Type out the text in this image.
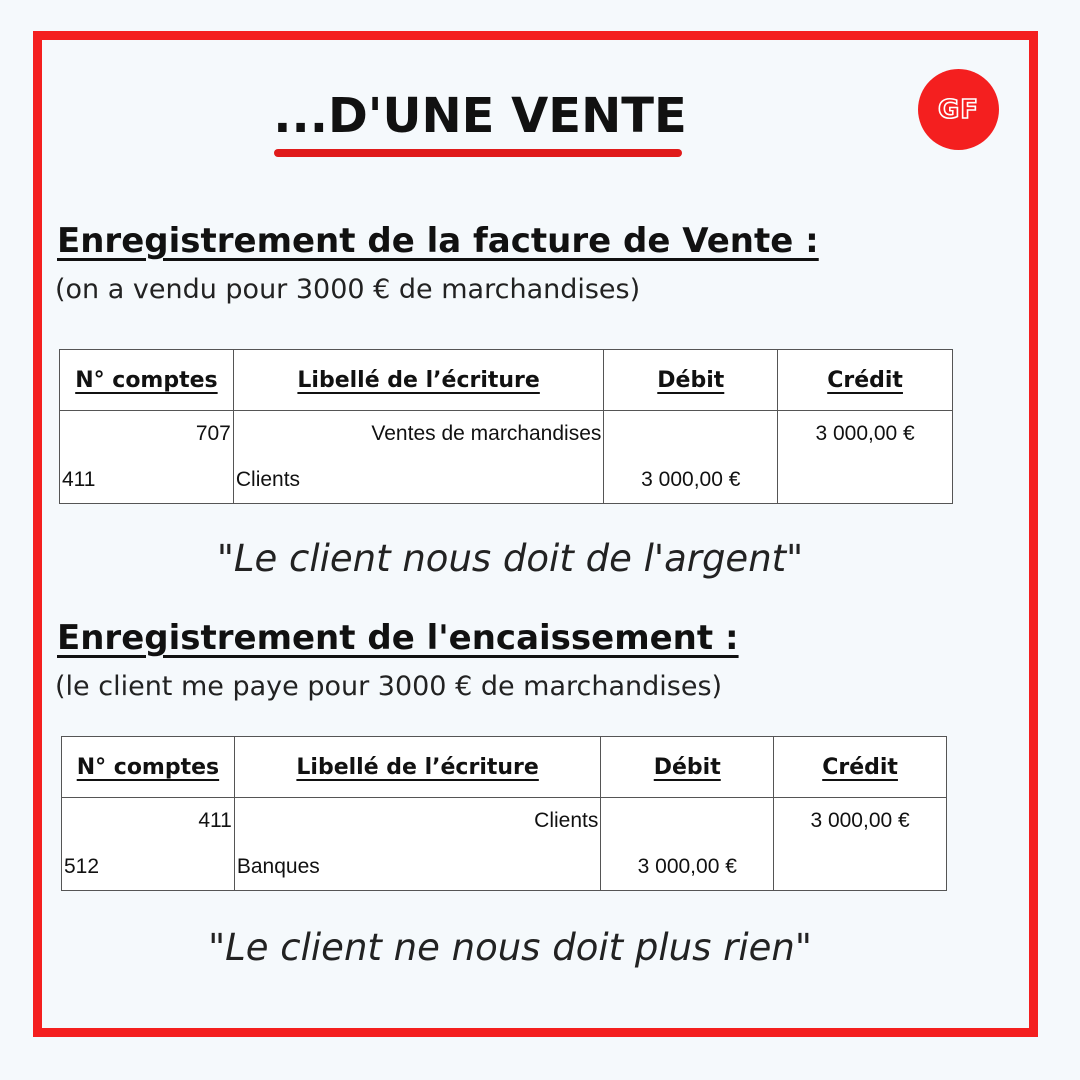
GF
...D'UNE VENTE
Enregistrement de la facture de Vente :
(on a vendu pour 3000 € de marchandises)
N° comptes	Libellé de l’écriture	Débit	Crédit
707	Ventes de marchandises		3 000,00 €
411	Clients	3 000,00 €	
"Le client nous doit de l'argent"
Enregistrement de l'encaissement :
(le client me paye pour 3000 € de marchandises)
N° comptes	Libellé de l’écriture	Débit	Crédit
411	Clients		3 000,00 €
512	Banques	3 000,00 €	
"Le client ne nous doit plus rien"
